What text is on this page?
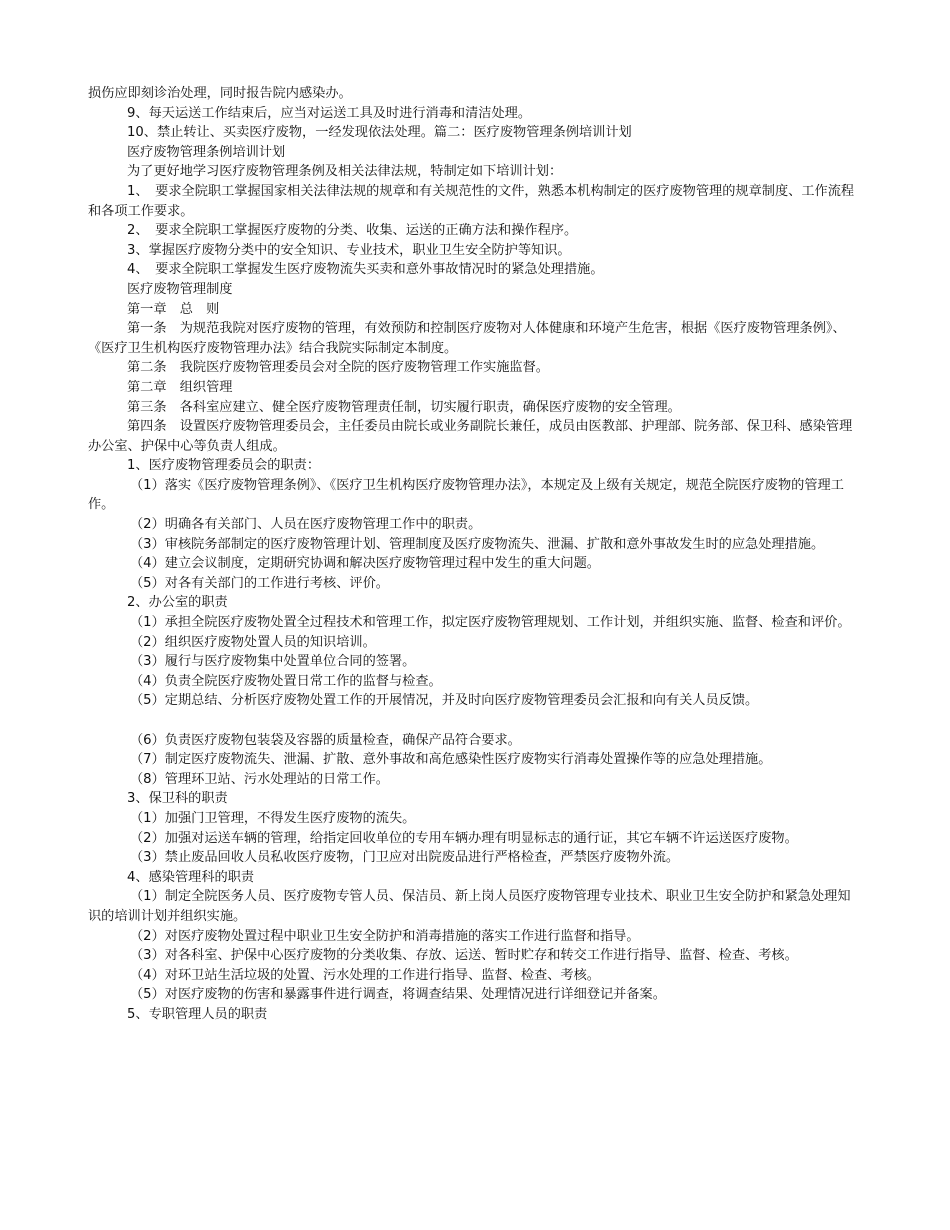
损伤应即刻诊治处理，同时报告院内感染办。

9、每天运送工作结束后，应当对运送工具及时进行消毒和清洁处理。

10、禁止转让、买卖医疗废物，一经发现依法处理。篇二：医疗废物管理条例培训计划

医疗废物管理条例培训计划

为了更好地学习医疗废物管理条例及相关法律法规，特制定如下培训计划：

1、　要求全院职工掌握国家相关法律法规的规章和有关规范性的文件，熟悉本机构制定的医疗废物管理的规章制度、工作流程和各项工作要求。

2、　要求全院职工掌握医疗废物的分类、收集、运送的正确方法和操作程序。

3、掌握医疗废物分类中的安全知识、专业技术，职业卫生安全防护等知识。

4、　要求全院职工掌握发生医疗废物流失买卖和意外事故情况时的紧急处理措施。

医疗废物管理制度

第一章　总　则

第一条　为规范我院对医疗废物的管理，有效预防和控制医疗废物对人体健康和环境产生危害，根据《医疗废物管理条例》、《医疗卫生机构医疗废物管理办法》结合我院实际制定本制度。

第二条　我院医疗废物管理委员会对全院的医疗废物管理工作实施监督。

第二章　组织管理

第三条　各科室应建立、健全医疗废物管理责任制，切实履行职责，确保医疗废物的安全管理。

第四条　设置医疗废物管理委员会，主任委员由院长或业务副院长兼任，成员由医教部、护理部、院务部、保卫科、感染管理办公室、护保中心等负责人组成。

1、医疗废物管理委员会的职责：

（1）落实《医疗废物管理条例》、《医疗卫生机构医疗废物管理办法》，本规定及上级有关规定，规范全院医疗废物的管理工作。

（2）明确各有关部门、人员在医疗废物管理工作中的职责。

（3）审核院务部制定的医疗废物管理计划、管理制度及医疗废物流失、泄漏、扩散和意外事故发生时的应急处理措施。

（4）建立会议制度，定期研究协调和解决医疗废物管理过程中发生的重大问题。

（5）对各有关部门的工作进行考核、评价。

2、办公室的职责

（1）承担全院医疗废物处置全过程技术和管理工作，拟定医疗废物管理规划、工作计划，并组织实施、监督、检查和评价。

（2）组织医疗废物处置人员的知识培训。

（3）履行与医疗废物集中处置单位合同的签署。

（4）负责全院医疗废物处置日常工作的监督与检查。

（5）定期总结、分析医疗废物处置工作的开展情况，并及时向医疗废物管理委员会汇报和向有关人员反馈。

（6）负责医疗废物包装袋及容器的质量检查，确保产品符合要求。

（7）制定医疗废物流失、泄漏、扩散、意外事故和高危感染性医疗废物实行消毒处置操作等的应急处理措施。

（8）管理环卫站、污水处理站的日常工作。

3、保卫科的职责

（1）加强门卫管理，不得发生医疗废物的流失。

（2）加强对运送车辆的管理，给指定回收单位的专用车辆办理有明显标志的通行证，其它车辆不许运送医疗废物。

（3）禁止废品回收人员私收医疗废物，门卫应对出院废品进行严格检查，严禁医疗废物外流。

4、感染管理科的职责

（1）制定全院医务人员、医疗废物专管人员、保洁员、新上岗人员医疗废物管理专业技术、职业卫生安全防护和紧急处理知识的培训计划并组织实施。

（2）对医疗废物处置过程中职业卫生安全防护和消毒措施的落实工作进行监督和指导。

（3）对各科室、护保中心医疗废物的分类收集、存放、运送、暂时贮存和转交工作进行指导、监督、检查、考核。

（4）对环卫站生活垃圾的处置、污水处理的工作进行指导、监督、检查、考核。

（5）对医疗废物的伤害和暴露事件进行调查，将调查结果、处理情况进行详细登记并备案。

5、专职管理人员的职责
